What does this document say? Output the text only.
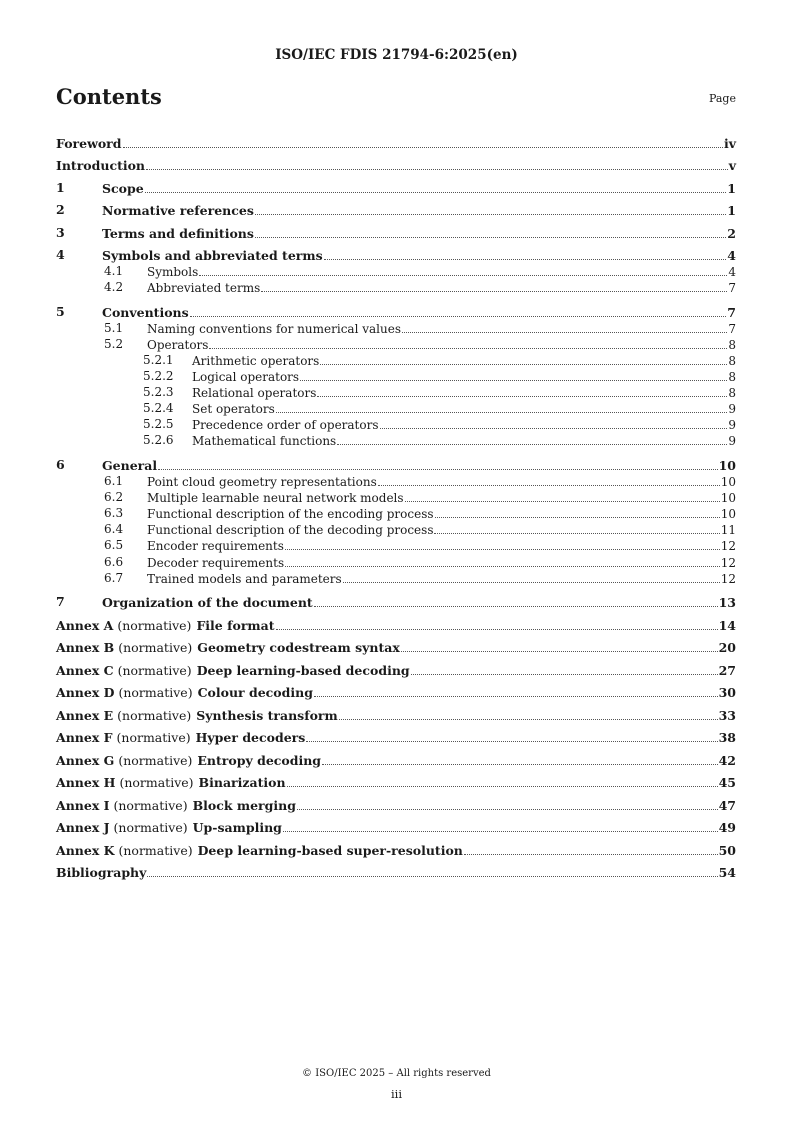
ISO/IEC FDIS 21794-6:2025(en)
Contents	Page
Foreword	iv
Introduction	v
1	Scope	1
2	Normative references	1
3	Terms and definitions	2
4	Symbols and abbreviated terms	4
4.1 Symbols	4
4.2 Abbreviated terms	7
5	Conventions	7
5.1 Naming conventions for numerical values	7
5.2 Operators	8
5.2.1 Arithmetic operators	8
5.2.2 Logical operators	8
5.2.3 Relational operators	8
5.2.4 Set operators	9
5.2.5 Precedence order of operators	9
5.2.6 Mathematical functions	9
6	General	10
6.1 Point cloud geometry representations	10
6.2 Multiple learnable neural network models	10
6.3 Functional description of the encoding process	10
6.4 Functional description of the decoding process	11
6.5 Encoder requirements	12
6.6 Decoder requirements	12
6.7 Trained models and parameters	12
7	Organization of the document	13
Annex A (normative) File format	14
Annex B (normative) Geometry codestream syntax	20
Annex C (normative) Deep learning-based decoding	27
Annex D (normative) Colour decoding	30
Annex E (normative) Synthesis transform	33
Annex F (normative) Hyper decoders	38
Annex G (normative) Entropy decoding	42
Annex H (normative) Binarization	45
Annex I (normative) Block merging	47
Annex J (normative) Up-sampling	49
Annex K (normative) Deep learning-based super-resolution	50
Bibliography	54
© ISO/IEC 2025 – All rights reserved
iii
